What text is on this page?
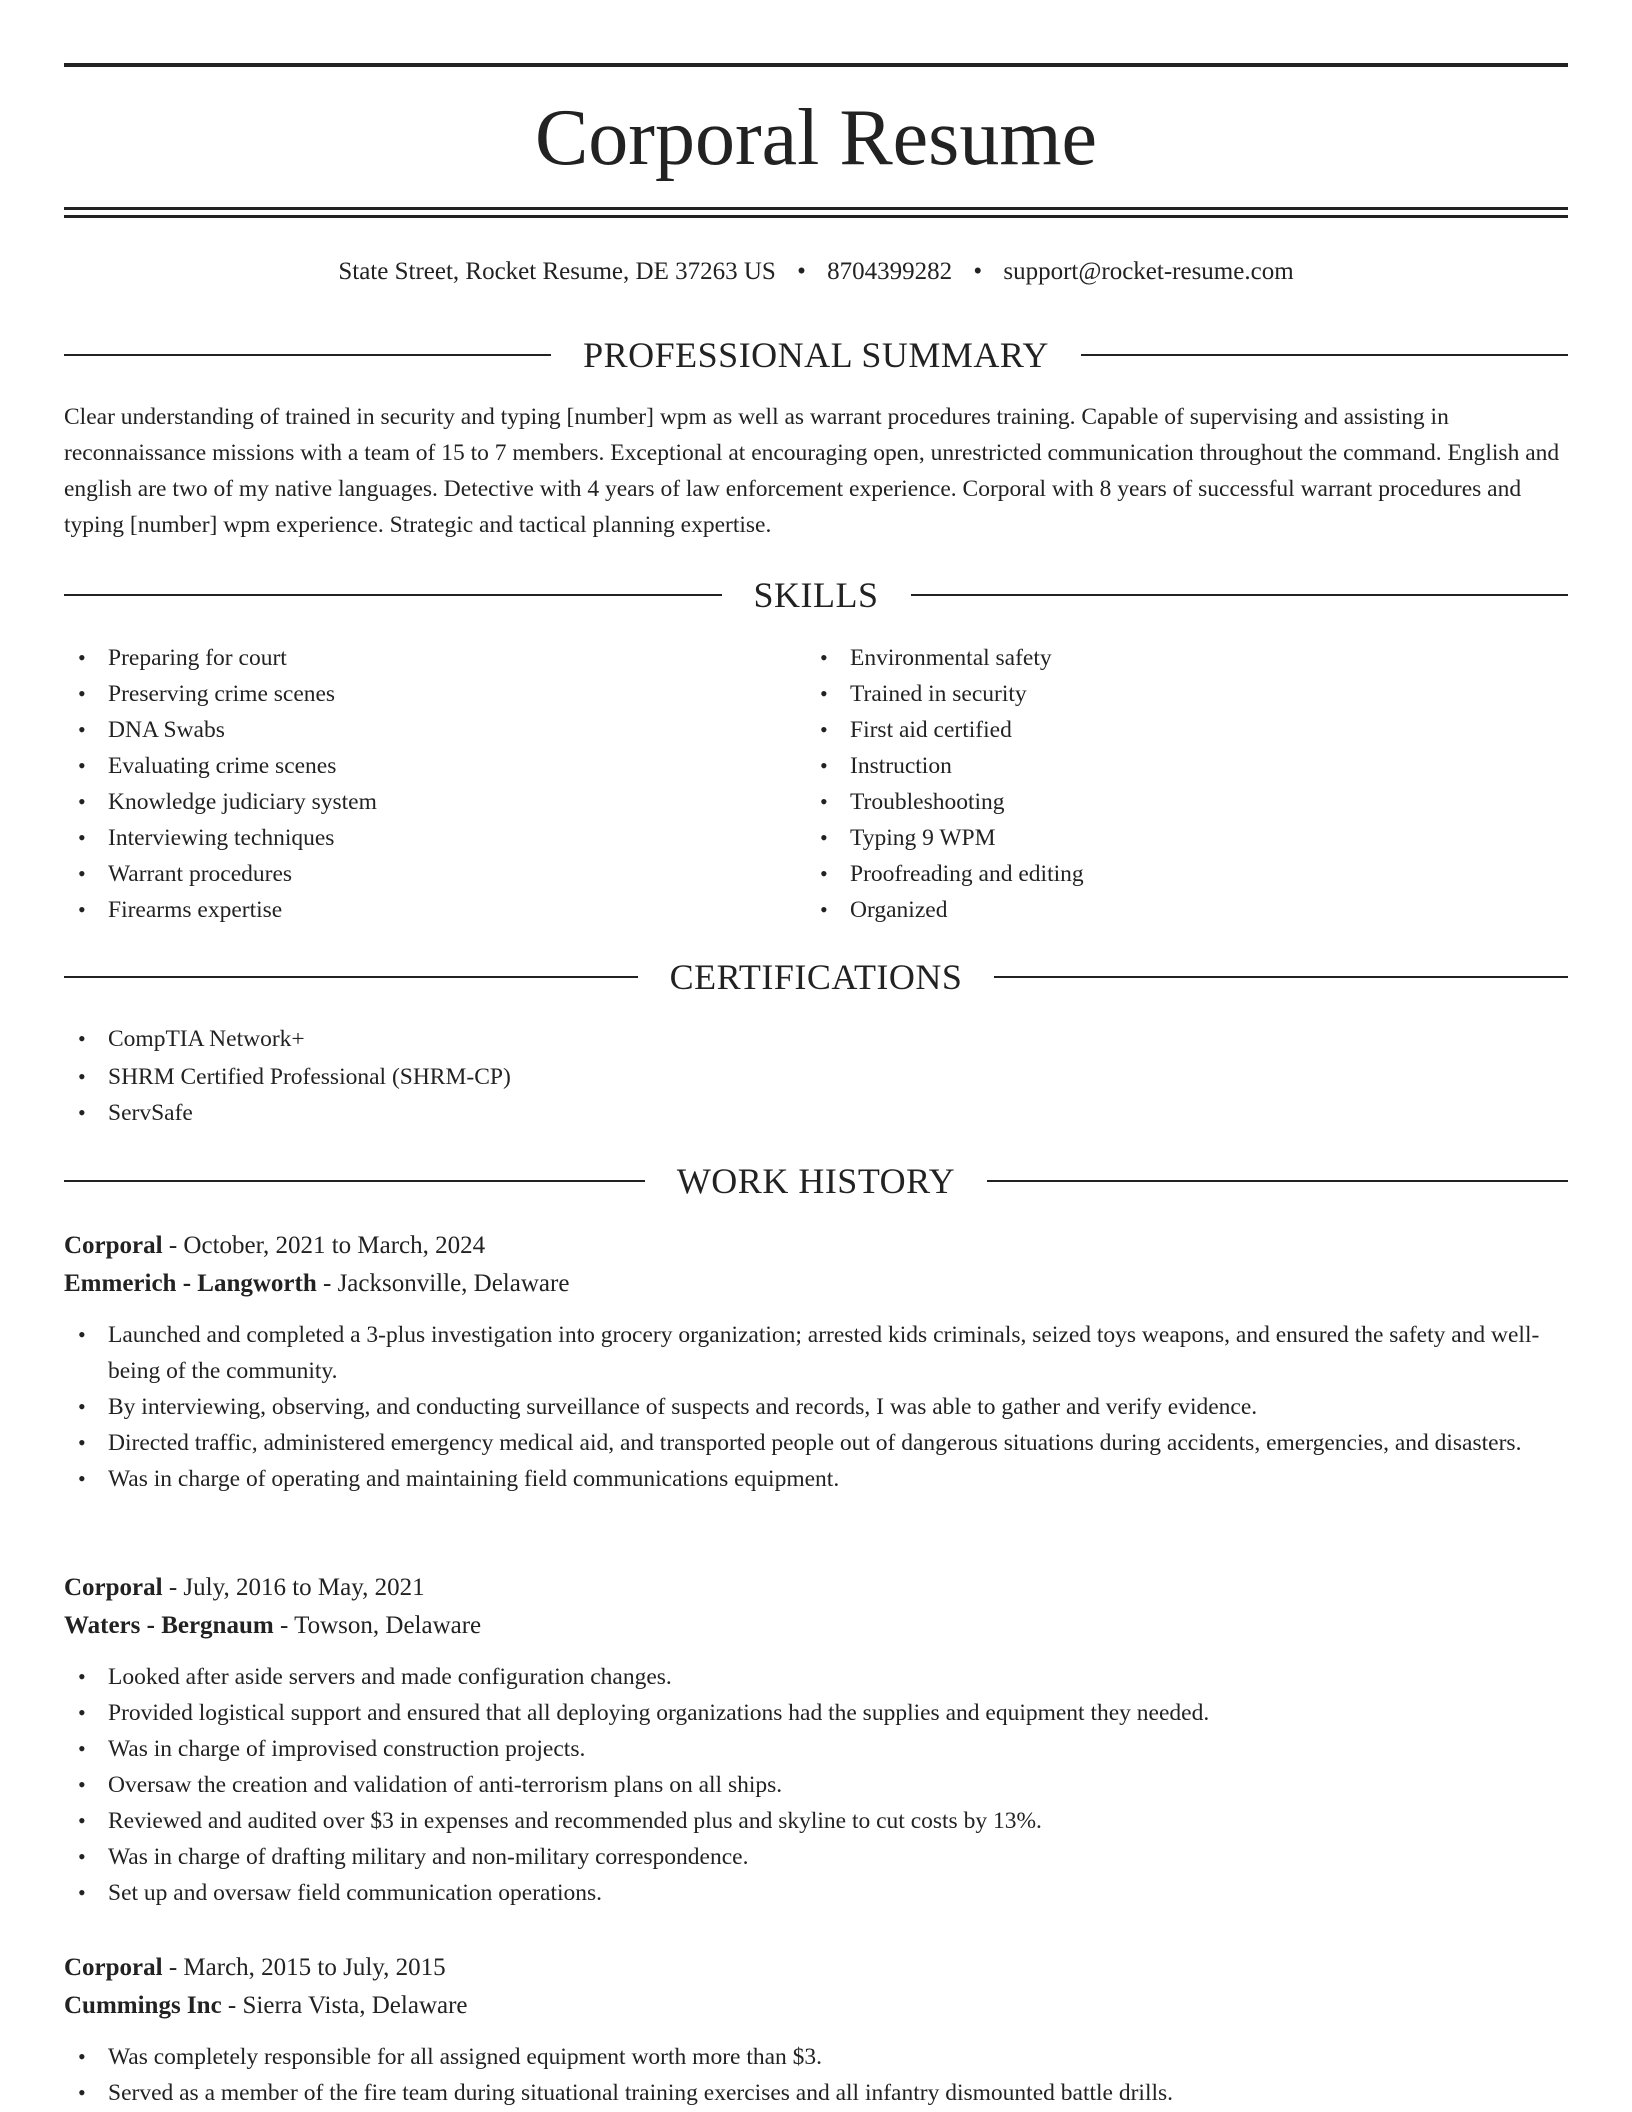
Corporal Resume
State Street, Rocket Resume, DE 37263 US • 8704399282 • support@rocket-resume.com
PROFESSIONAL SUMMARY

Clear understanding of trained in security and typing [number] wpm as well as warrant procedures training. Capable of supervising and assisting in reconnaissance missions with a team of 15 to 7 members. Exceptional at encouraging open, unrestricted communication throughout the command. English and english are two of my native languages. Detective with 4 years of law enforcement experience. Corporal with 8 years of successful warrant procedures and typing [number] wpm experience. Strategic and tactical planning expertise.

SKILLS
• Preparing for court
• Preserving crime scenes
• DNA Swabs
• Evaluating crime scenes
• Knowledge judiciary system
• Interviewing techniques
• Warrant procedures
• Firearms expertise
• Environmental safety
• Trained in security
• First aid certified
• Instruction
• Troubleshooting
• Typing 9 WPM
• Proofreading and editing
• Organized
CERTIFICATIONS
• CompTIA Network+
• SHRM Certified Professional (SHRM-CP)
• ServSafe
WORK HISTORY
Corporal - October, 2021 to March, 2024
Emmerich - Langworth - Jacksonville, Delaware
• Launched and completed a 3-plus investigation into grocery organization; arrested kids criminals, seized toys weapons, and ensured the safety and well-being of the community.
• By interviewing, observing, and conducting surveillance of suspects and records, I was able to gather and verify evidence.
• Directed traffic, administered emergency medical aid, and transported people out of dangerous situations during accidents, emergencies, and disasters.
• Was in charge of operating and maintaining field communications equipment.
Corporal - July, 2016 to May, 2021
Waters - Bergnaum - Towson, Delaware
• Looked after aside servers and made configuration changes.
• Provided logistical support and ensured that all deploying organizations had the supplies and equipment they needed.
• Was in charge of improvised construction projects.
• Oversaw the creation and validation of anti-terrorism plans on all ships.
• Reviewed and audited over $3 in expenses and recommended plus and skyline to cut costs by 13%.
• Was in charge of drafting military and non-military correspondence.
• Set up and oversaw field communication operations.
Corporal - March, 2015 to July, 2015
Cummings Inc - Sierra Vista, Delaware
• Was completely responsible for all assigned equipment worth more than $3.
• Served as a member of the fire team during situational training exercises and all infantry dismounted battle drills.
